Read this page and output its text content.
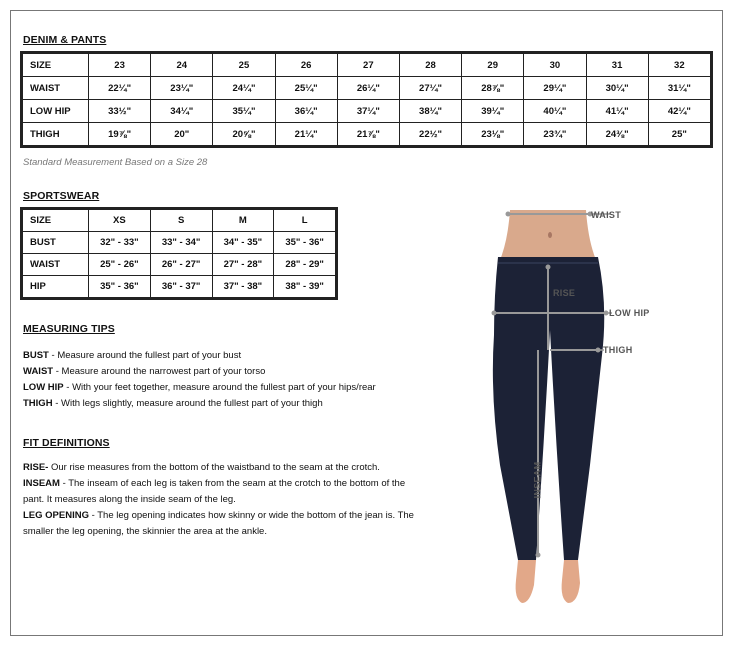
DENIM & PANTS
SIZE	23	24	25	26	27	28	29	30	31	32
WAIST	22¼"	23¼"	24¼"	25¼"	26¼"	27¼"	28⅞"	29¼"	30¼"	31¼"
LOW HIP	33½"	34¼"	35¼"	36¼"	37¼"	38¼"	39¼"	40¼"	41¼"	42¼"
THIGH	19⅞"	20"	20⅝"	21¼"	21⅞"	22½"	23⅛"	23¾"	24⅜"	25"
Standard Measurement Based on a Size 28
SPORTSWEAR
SIZE	XS	S	M	L
BUST	32" - 33"	33" - 34"	34" - 35"	35" - 36"
WAIST	25" - 26"	26" - 27"	27" - 28"	28" - 29"
HIP	35" - 36"	36" - 37"	37" - 38"	38" - 39"
MEASURING TIPS
BUST - Measure around the fullest part of your bust
WAIST - Measure around the narrowest part of your torso
LOW HIP - With your feet together, measure around the fullest part of your hips/rear
THIGH - With legs slightly, measure around the fullest part of your thigh
FIT DEFINITIONS
RISE- Our rise measures from the bottom of the waistband to the seam at the crotch.
INSEAM - The inseam of each leg is taken from the seam at the crotch to the bottom of the pant. It measures along the inside seam of the leg.
LEG OPENING - The leg opening indicates how skinny or wide the bottom of the jean is. The smaller the leg opening, the skinnier the area at the ankle.
WAIST
RISE
LOW HIP
THIGH
INSEAM
